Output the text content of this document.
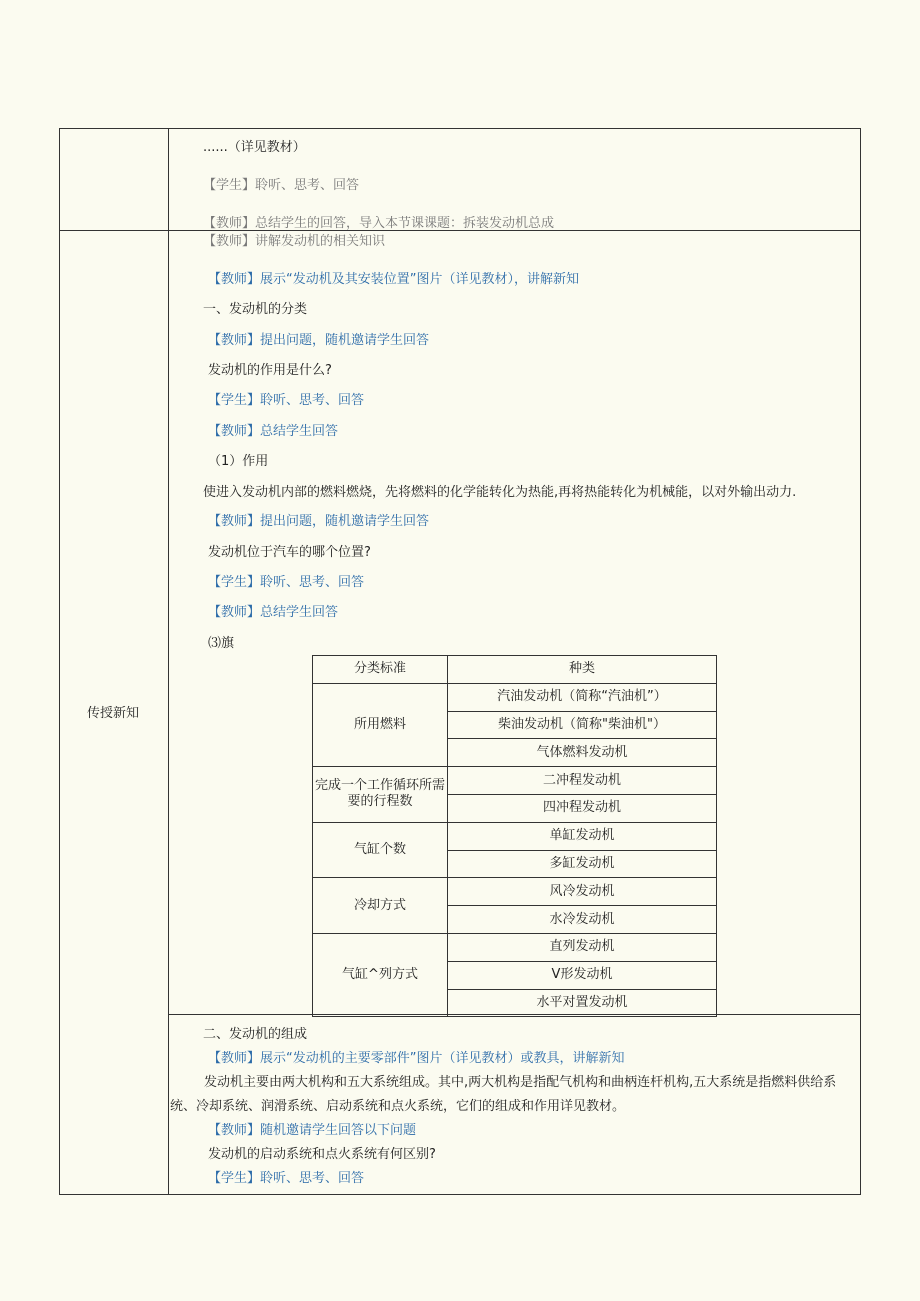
......（详见教材）
【学生】聆听、思考、回答
【教师】总结学生的回答，导入本节课课题：拆装发动机总成
传授新知
【教师】讲解发动机的相关知识
【教师】展示“发动机及其安装位置”图片（详见教材），讲解新知
一、发动机的分类
【教师】提出问题，随机邀请学生回答
发动机的作用是什么?
【学生】聆听、思考、回答
【教师】总结学生回答
（1）作用
使进入发动机内部的燃料燃烧，先将燃料的化学能转化为热能,再将热能转化为机械能，以对外输出动力.
【教师】提出问题，随机邀请学生回答
发动机位于汽车的哪个位置?
【学生】聆听、思考、回答
【教师】总结学生回答
⑶旗
分类标准	种类
所用燃料	汽油发动机（简称“汽油机”）
	柴油发动机（简称"柴油机"）
	气体燃料发动机
完成一个工作循环所需
要的行程数	二冲程发动机
	四冲程发动机
气缸个数	单缸发动机
	多缸发动机
冷却方式	风冷发动机
	水冷发动机
气缸^列方式	直列发动机
	V形发动机
	水平对置发动机
二、发动机的组成
【教师】展示“发动机的主要零部件”图片（详见教材）或教具，讲解新知
发动机主要由两大机构和五大系统组成。其中,两大机构是指配气机构和曲柄连杆机构,五大系统是指燃料供给系统、冷却系统、润滑系统、启动系统和点火系统，它们的组成和作用详见教材。
【教师】随机邀请学生回答以下问题
发动机的启动系统和点火系统有何区别?
【学生】聆听、思考、回答
